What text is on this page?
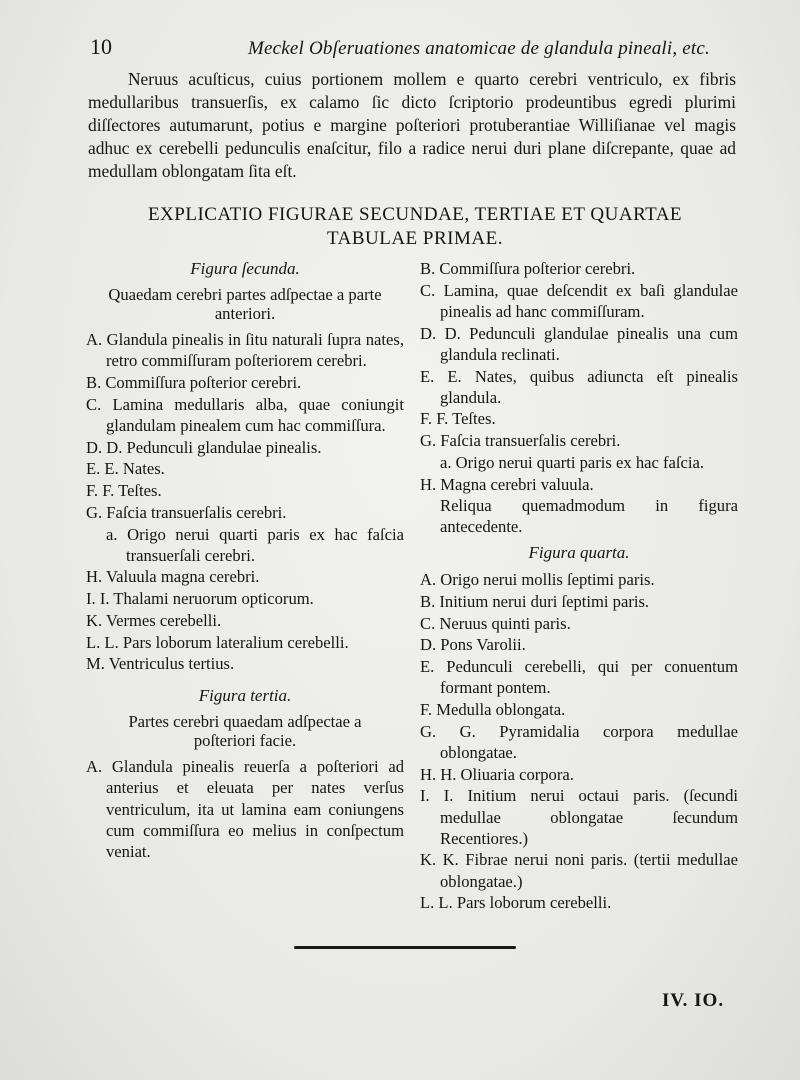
10	Meckel Obſeruationes anatomicae de glandula pineali, etc.

Neruus acuſticus, cuius portionem mollem e quarto cerebri ventriculo, ex fibris medullaribus transuerſis, ex calamo ſic dicto ſcriptorio prodeuntibus egredi plurimi diſſectores autumarunt, potius e margine poſteriori protuberantiae Williſianae vel magis adhuc ex cerebelli pedunculis enaſcitur, filo a radice nerui duri plane diſcrepante, quae ad medullam oblongatam ſita eſt.

EXPLICATIO FIGURAE SECUNDAE, TERTIAE ET QUARTAE
TABULAE PRIMAE.
Figura ſecunda.
Quaedam cerebri partes adſpectae a parte anteriori.
A. Glandula pinealis in ſitu naturali ſupra nates, retro commiſſuram poſteriorem cerebri.
B. Commiſſura poſterior cerebri.
C. Lamina medullaris alba, quae coniungit glandulam pinealem cum hac commiſſura.
D. D. Pedunculi glandulae pinealis.
E. E. Nates.
F. F. Teſtes.
G. Faſcia transuerſalis cerebri.
a. Origo nerui quarti paris ex hac faſcia transuerſali cerebri.
H. Valuula magna cerebri.
I. I. Thalami neruorum opticorum.
K. Vermes cerebelli.
L. L. Pars loborum lateralium cerebelli.
M. Ventriculus tertius.
Figura tertia.
Partes cerebri quaedam adſpectae a poſteriori facie.
A. Glandula pinealis reuerſa a poſteriori ad anterius et eleuata per nates verſus ventriculum, ita ut lamina eam coniungens cum commiſſura eo melius in conſpectum veniat.
B. Commiſſura poſterior cerebri.
C. Lamina, quae deſcendit ex baſi glandulae pinealis ad hanc commiſſuram.
D. D. Pedunculi glandulae pinealis una cum glandula reclinati.
E. E. Nates, quibus adiuncta eſt pinealis glandula.
F. F. Teſtes.
G. Faſcia transuerſalis cerebri.
a. Origo nerui quarti paris ex hac faſcia.
H. Magna cerebri valuula.
Reliqua quemadmodum in figura antecedente.
Figura quarta.
A. Origo nerui mollis ſeptimi paris.
B. Initium nerui duri ſeptimi paris.
C. Neruus quinti paris.
D. Pons Varolii.
E. Pedunculi cerebelli, qui per conuentum formant pontem.
F. Medulla oblongata.
G. G. Pyramidalia corpora medullae oblongatae.
H. H. Oliuaria corpora.
I. I. Initium nerui octaui paris. (ſecundi medullae oblongatae ſecundum Recentiores.)
K. K. Fibrae nerui noni paris. (tertii medullae oblongatae.)
L. L. Pars loborum cerebelli.
IV. IO.
